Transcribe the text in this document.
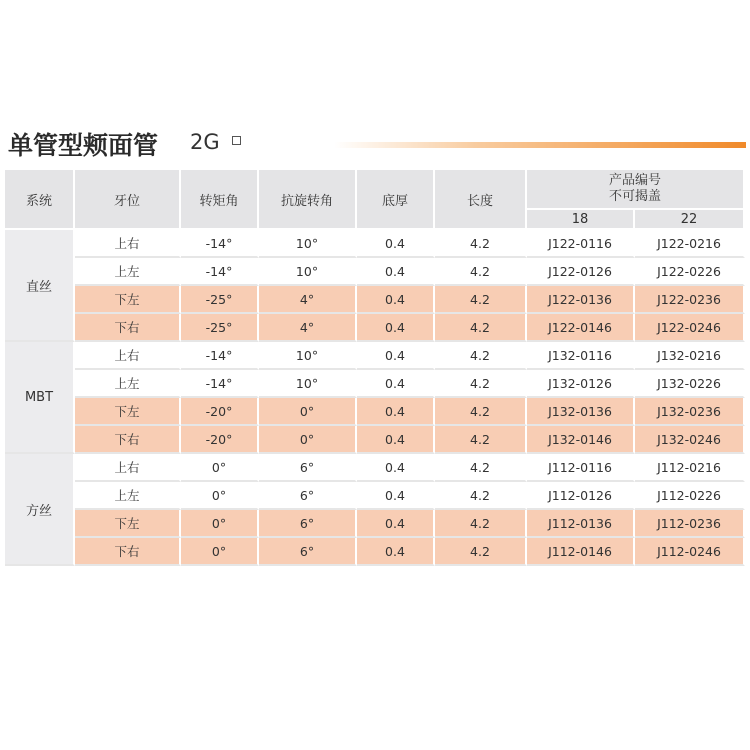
单管型颊面管 2G
系统	牙位	转矩角	抗旋转角	底厚	长度	产品编号
不可揭盖	

						18	22
直丝	上右	-14°	10°	0.4	4.2	J122-0116	J122-0216
	上左	-14°	10°	0.4	4.2	J122-0126	J122-0226
	下左	-25°	4°	0.4	4.2	J122-0136	J122-0236
	下右	-25°	4°	0.4	4.2	J122-0146	J122-0246
MBT	上右	-14°	10°	0.4	4.2	J132-0116	J132-0216
	上左	-14°	10°	0.4	4.2	J132-0126	J132-0226
	下左	-20°	0°	0.4	4.2	J132-0136	J132-0236
	下右	-20°	0°	0.4	4.2	J132-0146	J132-0246
方丝	上右	0°	6°	0.4	4.2	J112-0116	J112-0216
	上左	0°	6°	0.4	4.2	J112-0126	J112-0226
	下左	0°	6°	0.4	4.2	J112-0136	J112-0236
	下右	0°	6°	0.4	4.2	J112-0146	J112-0246
